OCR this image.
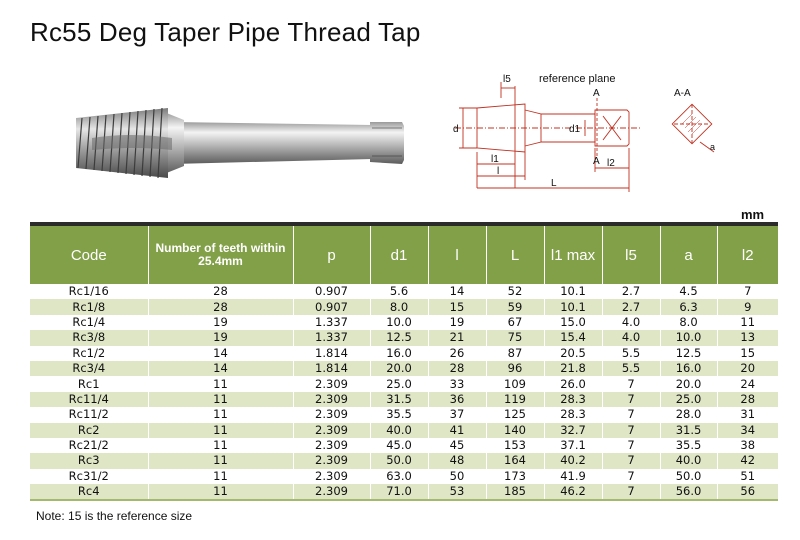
Rc55 Deg Taper Pipe Thread Tap
l5	reference plane
d	d1
l1
l
L
l2
A
A
A-A
a
mm
Code	Number of teeth within 25.4mm	p	d1	l	L	l1 max	l5	a	l2
Rc1/16	28	0.907	5.6	14	52	10.1	2.7	4.5	7
Rc1/8	28	0.907	8.0	15	59	10.1	2.7	6.3	9
Rc1/4	19	1.337	10.0	19	67	15.0	4.0	8.0	11
Rc3/8	19	1.337	12.5	21	75	15.4	4.0	10.0	13
Rc1/2	14	1.814	16.0	26	87	20.5	5.5	12.5	15
Rc3/4	14	1.814	20.0	28	96	21.8	5.5	16.0	20
Rc1	11	2.309	25.0	33	109	26.0	7	20.0	24
Rc11/4	11	2.309	31.5	36	119	28.3	7	25.0	28
Rc11/2	11	2.309	35.5	37	125	28.3	7	28.0	31
Rc2	11	2.309	40.0	41	140	32.7	7	31.5	34
Rc21/2	11	2.309	45.0	45	153	37.1	7	35.5	38
Rc3	11	2.309	50.0	48	164	40.2	7	40.0	42
Rc31/2	11	2.309	63.0	50	173	41.9	7	50.0	51
Rc4	11	2.309	71.0	53	185	46.2	7	56.0	56
Note: 15 is the reference size
